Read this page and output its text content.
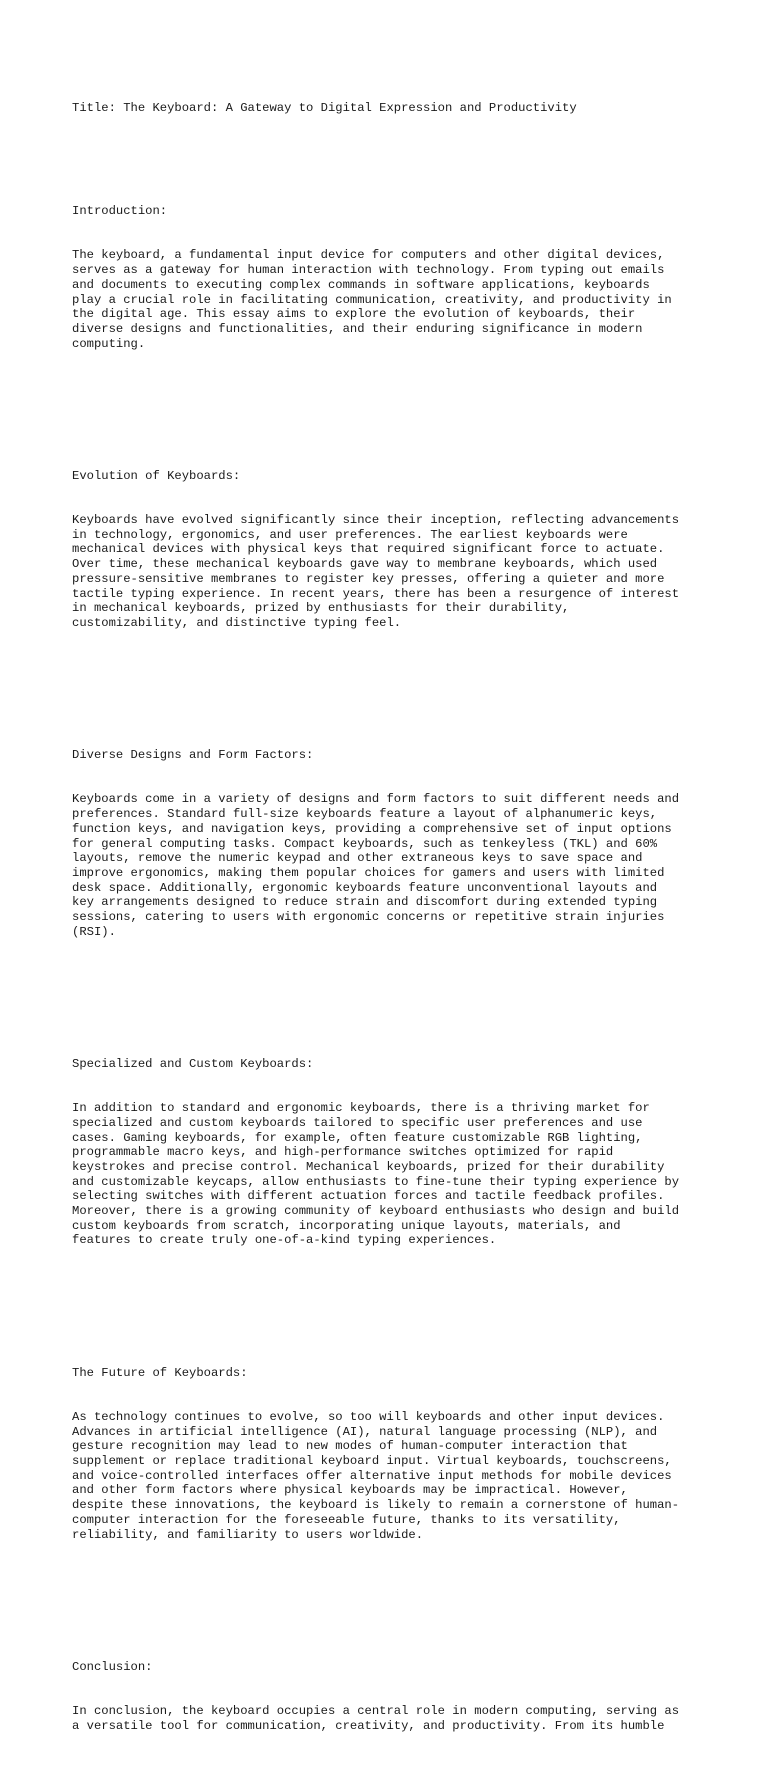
Title: The Keyboard: A Gateway to Digital Expression and Productivity

Introduction:

The keyboard, a fundamental input device for computers and other digital devices,
serves as a gateway for human interaction with technology. From typing out emails
and documents to executing complex commands in software applications, keyboards
play a crucial role in facilitating communication, creativity, and productivity in
the digital age. This essay aims to explore the evolution of keyboards, their
diverse designs and functionalities, and their enduring significance in modern
computing.

Evolution of Keyboards:

Keyboards have evolved significantly since their inception, reflecting advancements
in technology, ergonomics, and user preferences. The earliest keyboards were
mechanical devices with physical keys that required significant force to actuate.
Over time, these mechanical keyboards gave way to membrane keyboards, which used
pressure-sensitive membranes to register key presses, offering a quieter and more
tactile typing experience. In recent years, there has been a resurgence of interest
in mechanical keyboards, prized by enthusiasts for their durability,
customizability, and distinctive typing feel.

Diverse Designs and Form Factors:

Keyboards come in a variety of designs and form factors to suit different needs and
preferences. Standard full-size keyboards feature a layout of alphanumeric keys,
function keys, and navigation keys, providing a comprehensive set of input options
for general computing tasks. Compact keyboards, such as tenkeyless (TKL) and 60%
layouts, remove the numeric keypad and other extraneous keys to save space and
improve ergonomics, making them popular choices for gamers and users with limited
desk space. Additionally, ergonomic keyboards feature unconventional layouts and
key arrangements designed to reduce strain and discomfort during extended typing
sessions, catering to users with ergonomic concerns or repetitive strain injuries
(RSI).

Specialized and Custom Keyboards:

In addition to standard and ergonomic keyboards, there is a thriving market for
specialized and custom keyboards tailored to specific user preferences and use
cases. Gaming keyboards, for example, often feature customizable RGB lighting,
programmable macro keys, and high-performance switches optimized for rapid
keystrokes and precise control. Mechanical keyboards, prized for their durability
and customizable keycaps, allow enthusiasts to fine-tune their typing experience by
selecting switches with different actuation forces and tactile feedback profiles.
Moreover, there is a growing community of keyboard enthusiasts who design and build
custom keyboards from scratch, incorporating unique layouts, materials, and
features to create truly one-of-a-kind typing experiences.

The Future of Keyboards:

As technology continues to evolve, so too will keyboards and other input devices.
Advances in artificial intelligence (AI), natural language processing (NLP), and
gesture recognition may lead to new modes of human-computer interaction that
supplement or replace traditional keyboard input. Virtual keyboards, touchscreens,
and voice-controlled interfaces offer alternative input methods for mobile devices
and other form factors where physical keyboards may be impractical. However,
despite these innovations, the keyboard is likely to remain a cornerstone of human-
computer interaction for the foreseeable future, thanks to its versatility,
reliability, and familiarity to users worldwide.

Conclusion:

In conclusion, the keyboard occupies a central role in modern computing, serving as
a versatile tool for communication, creativity, and productivity. From its humble
